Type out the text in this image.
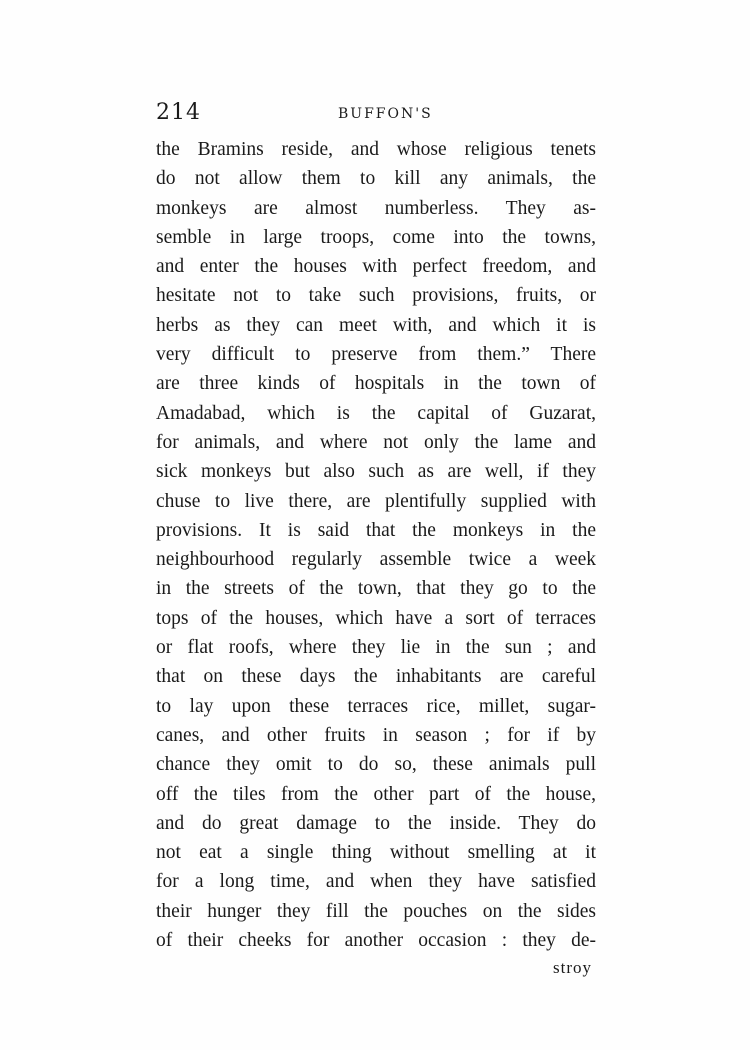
214	BUFFON'S
the Bramins reside, and whose religious tenets
do not allow them to kill any animals, the
monkeys are almost numberless. They as-
semble in large troops, come into the towns,
and enter the houses with perfect freedom, and
hesitate not to take such provisions, fruits, or
herbs as they can meet with, and which it is
very difficult to preserve from them.” There
are three kinds of hospitals in the town of
Amadabad, which is the capital of Guzarat,
for animals, and where not only the lame and
sick monkeys but also such as are well, if they
chuse to live there, are plentifully supplied with
provisions. It is said that the monkeys in the
neighbourhood regularly assemble twice a week
in the streets of the town, that they go to the
tops of the houses, which have a sort of terraces
or flat roofs, where they lie in the sun ; and
that on these days the inhabitants are careful
to lay upon these terraces rice, millet, sugar-
canes, and other fruits in season ; for if by
chance they omit to do so, these animals pull
off the tiles from the other part of the house,
and do great damage to the inside. They do
not eat a single thing without smelling at it
for a long time, and when they have satisfied
their hunger they fill the pouches on the sides
of their cheeks for another occasion : they de-
stroy
